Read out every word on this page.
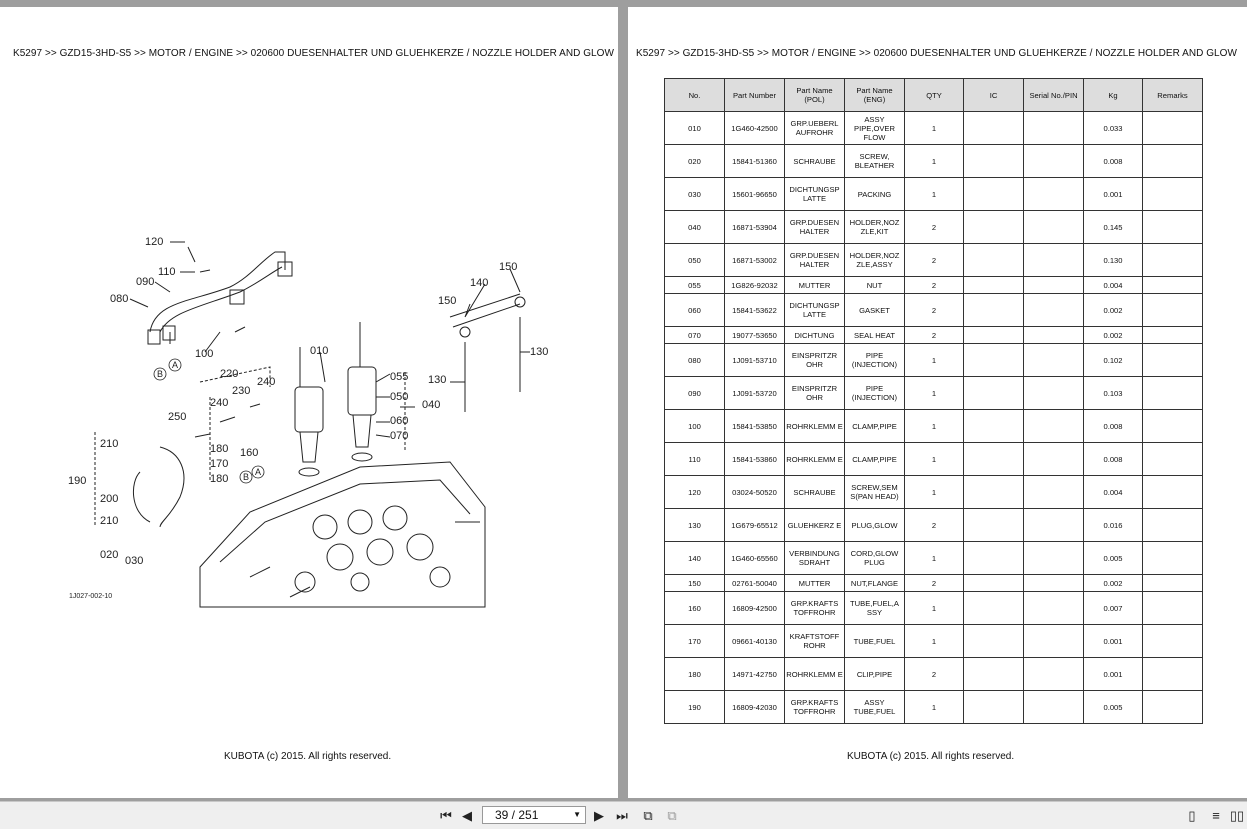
K5297 >> GZD15-3HD-S5 >> MOTOR / ENGINE >> 020600 DUESENHALTER UND GLUEHKERZE / NOZZLE HOLDER AND GLOW
120
110
090
080
100	010
220
230
240
240
250
210	180 160
170
180
190
200
210
020 030
055
050
040
060
070
140
150
150
130
130
A
B
A
B
1J027-002-10
KUBOTA (c) 2015. All rights reserved.
K5297 >> GZD15-3HD-S5 >> MOTOR / ENGINE >> 020600 DUESENHALTER UND GLUEHKERZE / NOZZLE HOLDER AND GLOW
No.	Part Number	Part Name (POL)	Part Name (ENG)	QTY	IC	Serial No./PIN	Kg	Remarks
010	1G460-42500	GRP.UEBERL AUFROHR	ASSY PIPE,OVER FLOW	1			0.033	
020	15841-51360	SCHRAUBE	SCREW, BLEATHER	1			0.008	
030	15601-96650	DICHTUNGSP LATTE	PACKING	1			0.001	
040	16871-53904	GRP.DUESEN HALTER	HOLDER,NOZ ZLE,KIT	2			0.145	
050	16871-53002	GRP.DUESEN HALTER	HOLDER,NOZ ZLE,ASSY	2			0.130	
055	1G826-92032	MUTTER	NUT	2			0.004	
060	15841-53622	DICHTUNGSP LATTE	GASKET	2			0.002	
070	19077-53650	DICHTUNG	SEAL HEAT	2			0.002	
080	1J091-53710	EINSPRITZR OHR	PIPE (INJECTION)	1			0.102	
090	1J091-53720	EINSPRITZR OHR	PIPE (INJECTION)	1			0.103	
100	15841-53850	ROHRKLEMM E	CLAMP,PIPE	1			0.008	
110	15841-53860	ROHRKLEMM E	CLAMP,PIPE	1			0.008	
120	03024-50520	SCHRAUBE	SCREW,SEM S(PAN HEAD)	1			0.004	
130	1G679-65512	GLUEHKERZ E	PLUG,GLOW	2			0.016	
140	1G460-65560	VERBINDUNG SDRAHT	CORD,GLOW PLUG	1			0.005	
150	02761-50040	MUTTER	NUT,FLANGE	2			0.002	
160	16809-42500	GRP.KRAFTS TOFFROHR	TUBE,FUEL,A SSY	1			0.007	
170	09661-40130	KRAFTSTOFF ROHR	TUBE,FUEL	1			0.001	
180	14971-42750	ROHRKLEMM E	CLIP,PIPE	2			0.001	
190	16809-42030	GRP.KRAFTS TOFFROHR	ASSY TUBE,FUEL	1			0.005	
KUBOTA (c) 2015. All rights reserved.
⏮ ◀ 39 / 251	▼ ▶ ⏭ ⧉ ⧉	▯ ≡ ▯▯
